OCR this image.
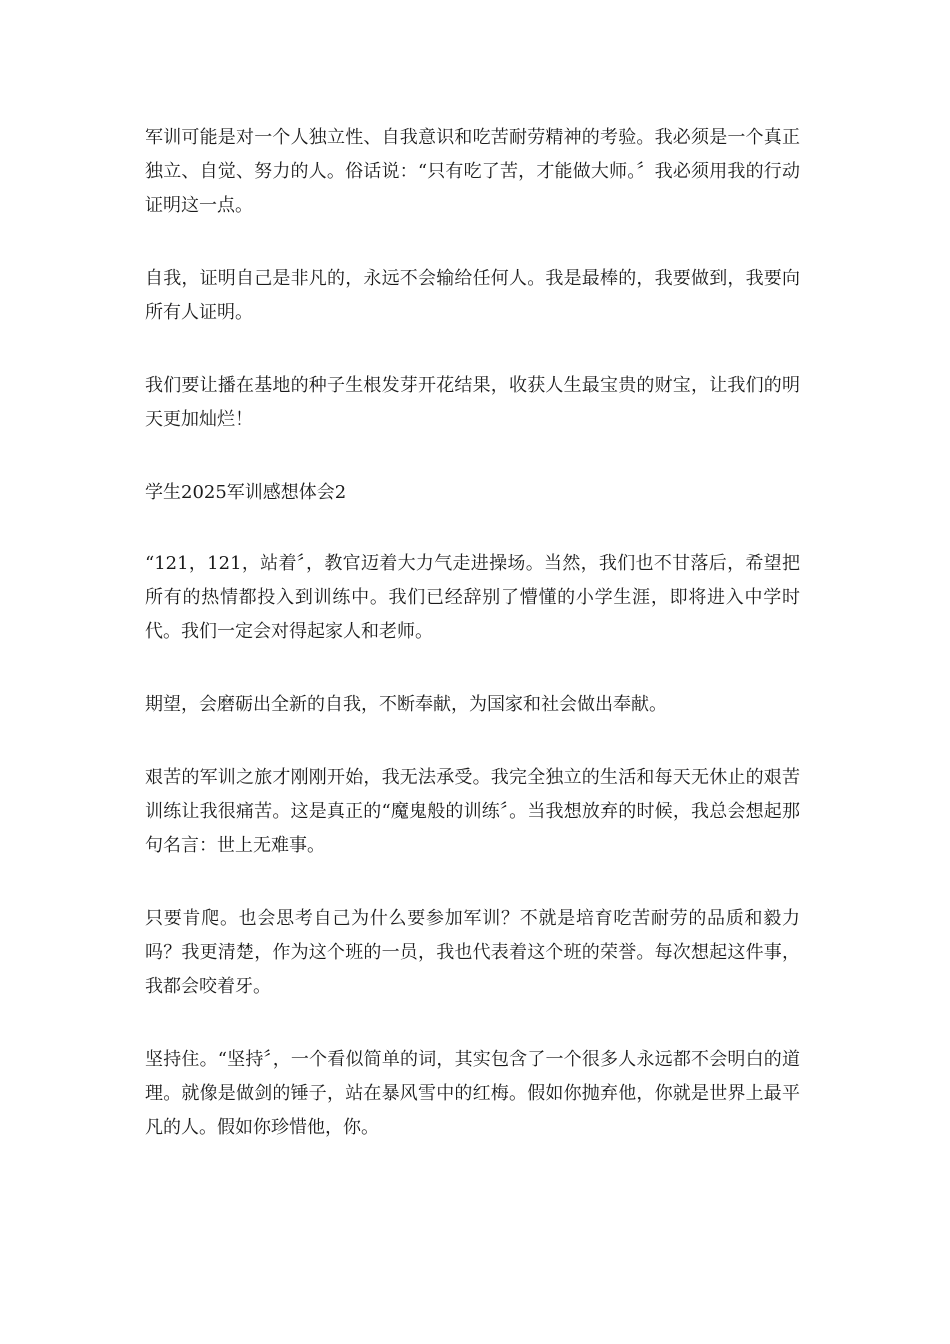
军训可能是对一个人独立性、自我意识和吃苦耐劳精神的考验。我必须是一个真正独立、自觉、努力的人。俗话说：“只有吃了苦，才能做大师。〞我必须用我的行动证明这一点。

自我，证明自己是非凡的，永远不会输给任何人。我是最棒的，我要做到，我要向所有人证明。

我们要让播在基地的种子生根发芽开花结果，收获人生最宝贵的财宝，让我们的明天更加灿烂！

学生2025军训感想体会2

“121，121，站着〞，教官迈着大力气走进操场。当然，我们也不甘落后，希望把所有的热情都投入到训练中。我们已经辞别了懵懂的小学生涯，即将进入中学时代。我们一定会对得起家人和老师。

期望，会磨砺出全新的自我，不断奉献，为国家和社会做出奉献。

艰苦的军训之旅才刚刚开始，我无法承受。我完全独立的生活和每天无休止的艰苦训练让我很痛苦。这是真正的“魔鬼般的训练〞。当我想放弃的时候，我总会想起那句名言：世上无难事。

只要肯爬。也会思考自己为什么要参加军训？不就是培育吃苦耐劳的品质和毅力吗？我更清楚，作为这个班的一员，我也代表着这个班的荣誉。每次想起这件事，我都会咬着牙。

坚持住。“坚持〞，一个看似简单的词，其实包含了一个很多人永远都不会明白的道理。就像是做剑的锤子，站在暴风雪中的红梅。假如你抛弃他，你就是世界上最平凡的人。假如你珍惜他，你。
